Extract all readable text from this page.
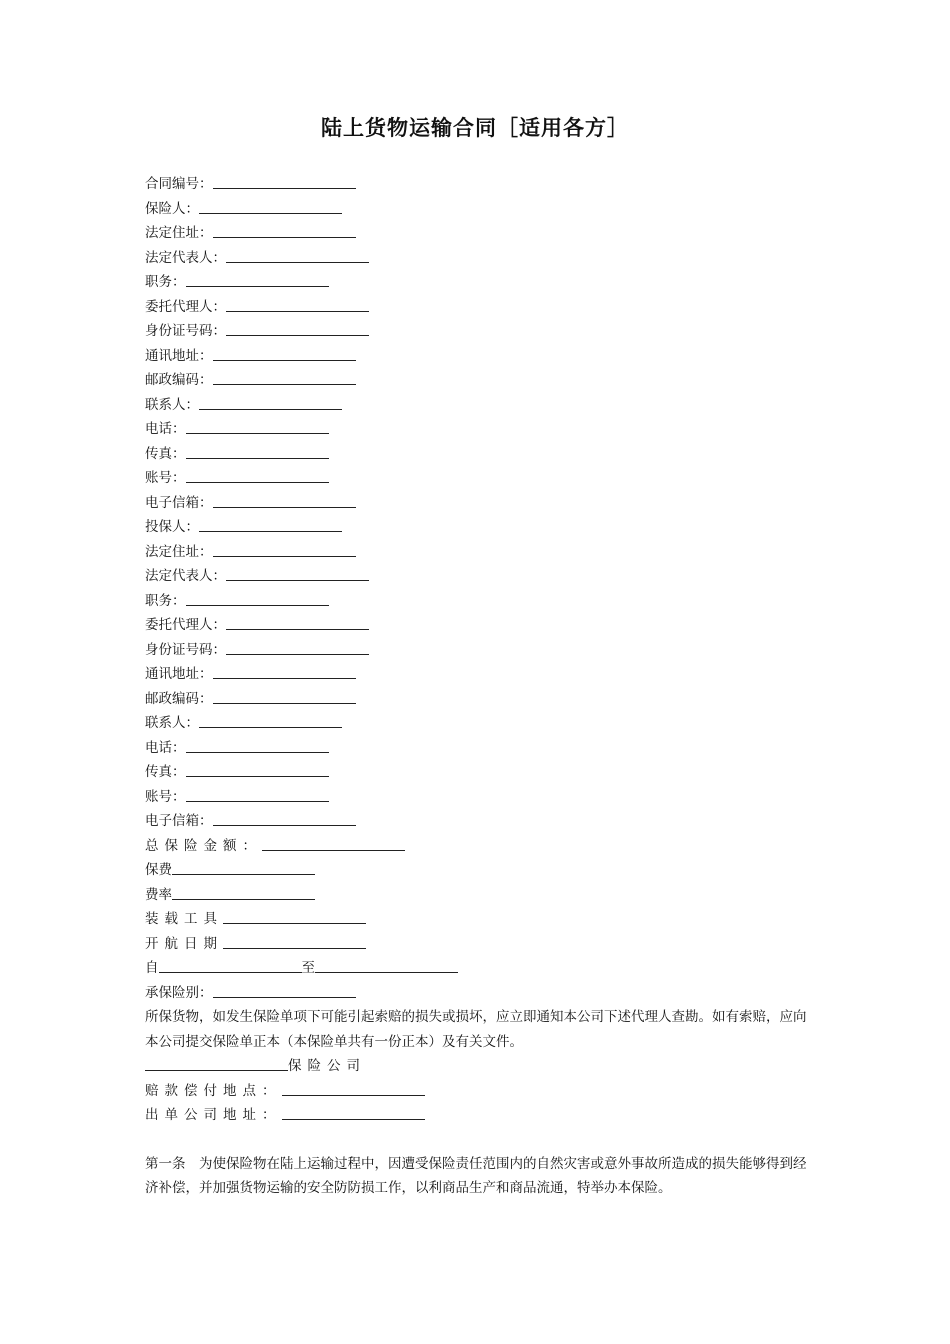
陆上货物运输合同［适用各方］
合同编号：
保险人：
法定住址：
法定代表人：
职务：
委托代理人：
身份证号码：
通讯地址：
邮政编码：
联系人：
电话：
传真：
账号：
电子信箱：
投保人：
法定住址：
法定代表人：
职务：
委托代理人：
身份证号码：
通讯地址：
邮政编码：
联系人：
电话：
传真：
账号：
电子信箱：
总保险金额：
保费
费率
装载工具
开航日期
自	至
承保险别：
所保货物，如发生保险单项下可能引起索赔的损失或损坏，应立即通知本公司下述代理人查勘。如有索赔，应向本公司提交保险单正本（本保险单共有一份正本）及有关文件。
保险公司
赔款偿付地点：
出单公司地址：
第一条　为使保险物在陆上运输过程中，因遭受保险责任范围内的自然灾害或意外事故所造成的损失能够得到经济补偿，并加强货物运输的安全防防损工作，以利商品生产和商品流通，特举办本保险。
